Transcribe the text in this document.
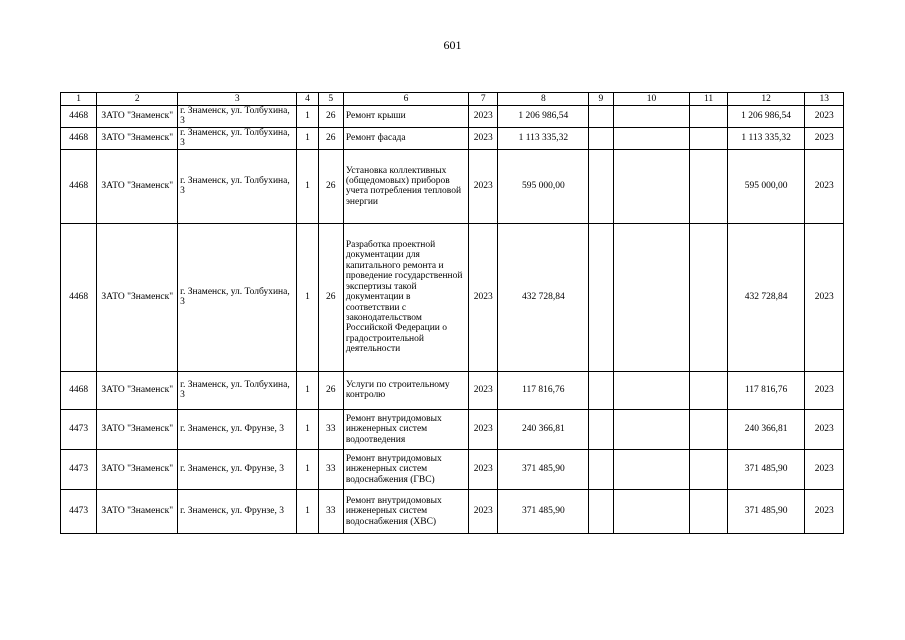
601
1	2	3	4	5	6	7	8	9	10	11	12	13
4468	ЗАТО "Знаменск"	г. Знаменск, ул. Толбухина, 3	1	26	Ремонт крыши	2023	1 206 986,54				1 206 986,54	2023
4468	ЗАТО "Знаменск"	г. Знаменск, ул. Толбухина, 3	1	26	Ремонт фасада	2023	1 113 335,32				1 113 335,32	2023
4468	ЗАТО "Знаменск"	г. Знаменск, ул. Толбухина, 3	1	26	Установка коллективных (общедомовых) приборов учета потребления тепловой энергии	2023	595 000,00				595 000,00	2023
4468	ЗАТО "Знаменск"	г. Знаменск, ул. Толбухина, 3	1	26	Разработка проектной документации для капитального ремонта и проведение государственной экспертизы такой документации в соответствии с законодательством Российской Федерации о градостроительной деятельности	2023	432 728,84				432 728,84	2023
4468	ЗАТО "Знаменск"	г. Знаменск, ул. Толбухина, 3	1	26	Услуги по строительному контролю	2023	117 816,76				117 816,76	2023
4473	ЗАТО "Знаменск"	г. Знаменск, ул. Фрунзе, 3	1	33	Ремонт внутридомовых инженерных систем водоотведения	2023	240 366,81				240 366,81	2023
4473	ЗАТО "Знаменск"	г. Знаменск, ул. Фрунзе, 3	1	33	Ремонт внутридомовых инженерных систем водоснабжения (ГВС)	2023	371 485,90				371 485,90	2023
4473	ЗАТО "Знаменск"	г. Знаменск, ул. Фрунзе, 3	1	33	Ремонт внутридомовых инженерных систем водоснабжения (ХВС)	2023	371 485,90				371 485,90	2023
